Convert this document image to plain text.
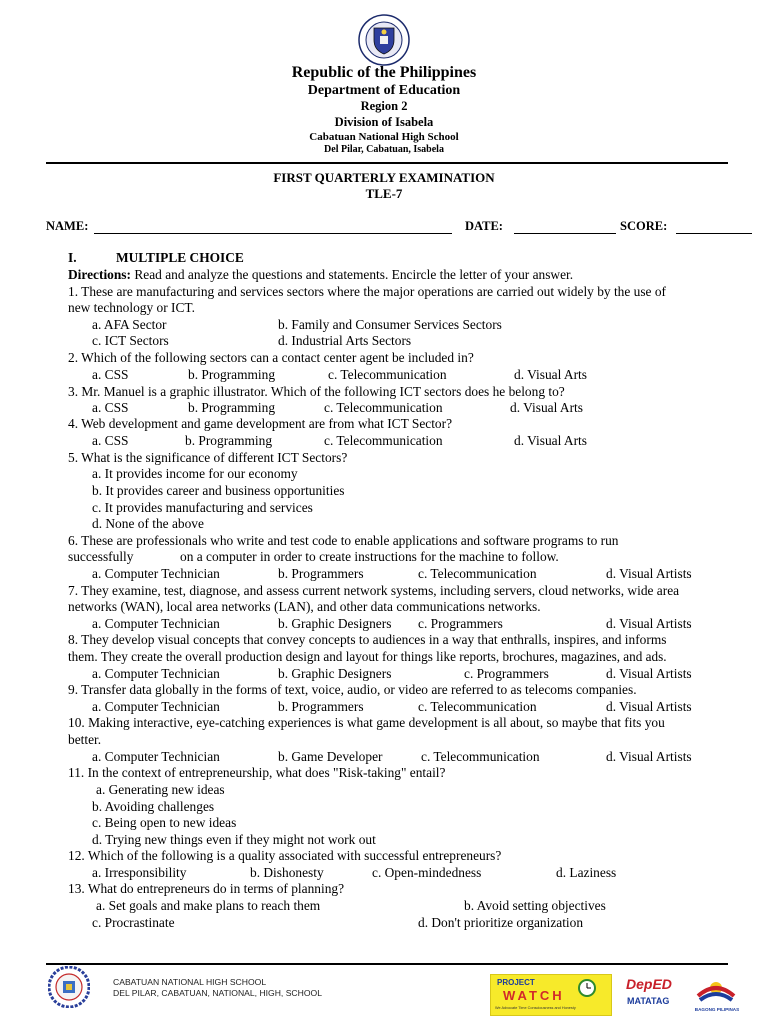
Republic of the Philippines
Department of Education
Region 2
Division of Isabela
Cabatuan National High School
Del Pilar, Cabatuan, Isabela
FIRST QUARTERLY EXAMINATION
TLE-7
NAME:	DATE:	SCORE:
I.	MULTIPLE CHOICE
Directions: Read and analyze the questions and statements. Encircle the letter of your answer.
1. These are manufacturing and services sectors where the major operations are carried out widely by the use of
new technology or ICT.
a. AFA Sector	b. Family and Consumer Services Sectors
c. ICT Sectors	d. Industrial Arts Sectors
2. Which of the following sectors can a contact center agent be included in?
a. CSS	b. Programming	c. Telecommunication	d. Visual Arts
3. Mr. Manuel is a graphic illustrator. Which of the following ICT sectors does he belong to?
a. CSS	b. Programming	c. Telecommunication	d. Visual Arts
4. Web development and game development are from what ICT Sector?
a. CSS	b. Programming	c. Telecommunication	d. Visual Arts
5. What is the significance of different ICT Sectors?
a. It provides income for our economy
b. It provides career and business opportunities
c. It provides manufacturing and services
d. None of the above
6. These are professionals who write and test code to enable applications and software programs to run
successfully	on a computer in order to create instructions for the machine to follow.
a. Computer Technician	b. Programmers	c. Telecommunication	d. Visual Artists
7. They examine, test, diagnose, and assess current network systems, including servers, cloud networks, wide area
networks (WAN), local area networks (LAN), and other data communications networks.
a. Computer Technician	b. Graphic Designers c. Programmers	d. Visual Artists
8. They develop visual concepts that convey concepts to audiences in a way that enthralls, inspires, and informs
them. They create the overall production design and layout for things like reports, brochures, magazines, and ads.
a. Computer Technician	b. Graphic Designers	c. Programmers	d. Visual Artists
9. Transfer data globally in the forms of text, voice, audio, or video are referred to as telecoms companies.
a. Computer Technician	b. Programmers	c. Telecommunication	d. Visual Artists
10. Making interactive, eye-catching experiences is what game development is all about, so maybe that fits you
better.
a. Computer Technician	b. Game Developer	c. Telecommunication	d. Visual Artists
11. In the context of entrepreneurship, what does "Risk-taking" entail?
a. Generating new ideas
b. Avoiding challenges
c. Being open to new ideas
d. Trying new things even if they might not work out
12. Which of the following is a quality associated with successful entrepreneurs?
a. Irresponsibility	b. Dishonesty	c. Open-mindedness	d. Laziness
13. What do entrepreneurs do in terms of planning?
a. Set goals and make plans to reach them	b. Avoid setting objectives
c. Procrastinate	d. Don't prioritize organization
CABATUAN NATIONAL HIGH SCHOOL
DEL PILAR, CABATUAN, NATIONAL, HIGH, SCHOOL
PROJECT
WATCH
We Advocate Time Consciousness and Honesty
DepED
MATATAG
BAGONG PILIPINAS
